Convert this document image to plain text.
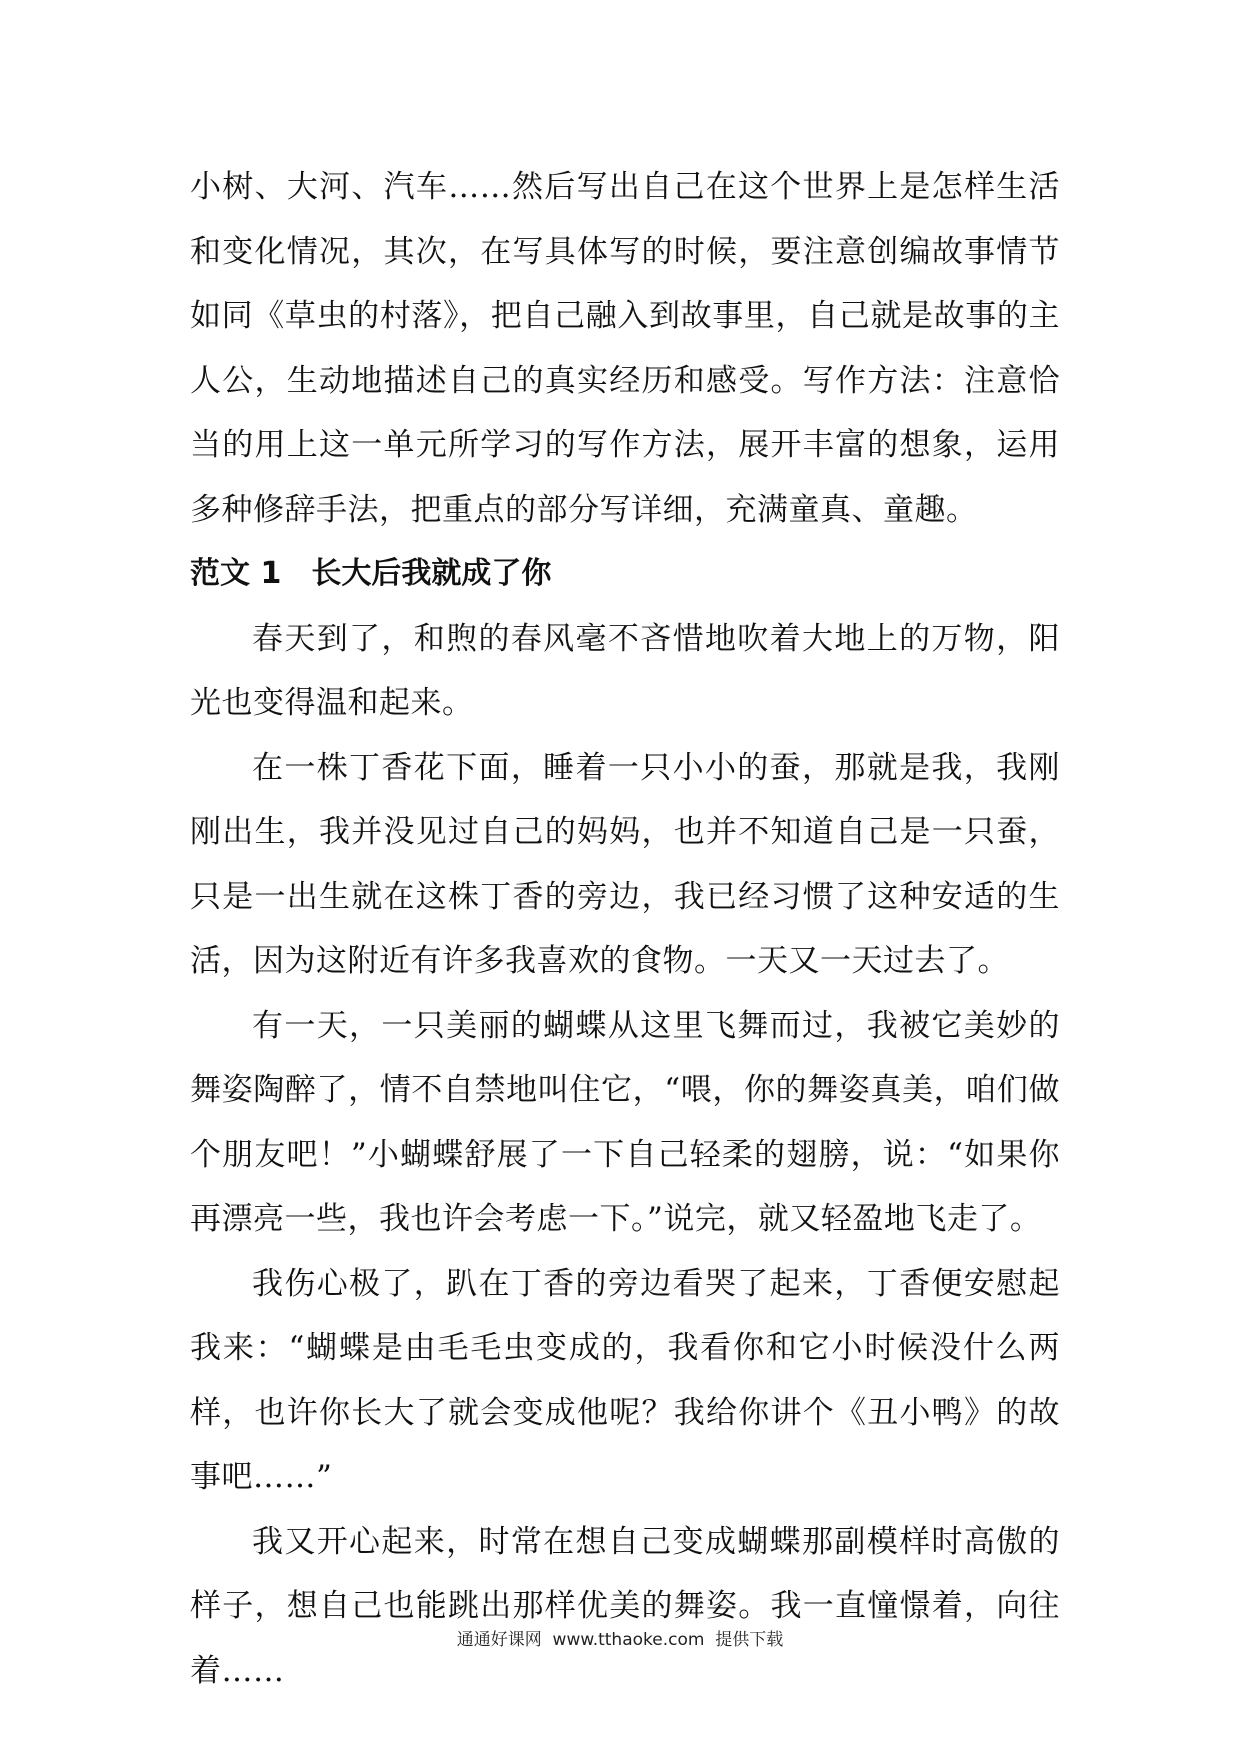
小树、大河、汽车……然后写出自己在这个世界上是怎样生活和变化情况，其次，在写具体写的时候，要注意创编故事情节如同《草虫的村落》，把自己融入到故事里，自己就是故事的主人公，生动地描述自己的真实经历和感受。写作方法：注意恰当的用上这一单元所学习的写作方法，展开丰富的想象，运用多种修辞手法，把重点的部分写详细，充满童真、童趣。

范文 1　长大后我就成了你

春天到了，和煦的春风毫不吝惜地吹着大地上的万物，阳光也变得温和起来。

在一株丁香花下面，睡着一只小小的蚕，那就是我，我刚刚出生，我并没见过自己的妈妈，也并不知道自己是一只蚕，只是一出生就在这株丁香的旁边，我已经习惯了这种安适的生活，因为这附近有许多我喜欢的食物。一天又一天过去了。

有一天，一只美丽的蝴蝶从这里飞舞而过，我被它美妙的舞姿陶醉了，情不自禁地叫住它，“喂，你的舞姿真美，咱们做个朋友吧！”小蝴蝶舒展了一下自己轻柔的翅膀，说：“如果你再漂亮一些，我也许会考虑一下。”说完，就又轻盈地飞走了。

我伤心极了，趴在丁香的旁边看哭了起来，丁香便安慰起我来：“蝴蝶是由毛毛虫变成的，我看你和它小时候没什么两样，也许你长大了就会变成他呢？我给你讲个《丑小鸭》的故事吧……”

我又开心起来，时常在想自己变成蝴蝶那副模样时高傲的样子，想自己也能跳出那样优美的舞姿。我一直憧憬着，向往着……

通通好课网  www.tthaoke.com  提供下载
